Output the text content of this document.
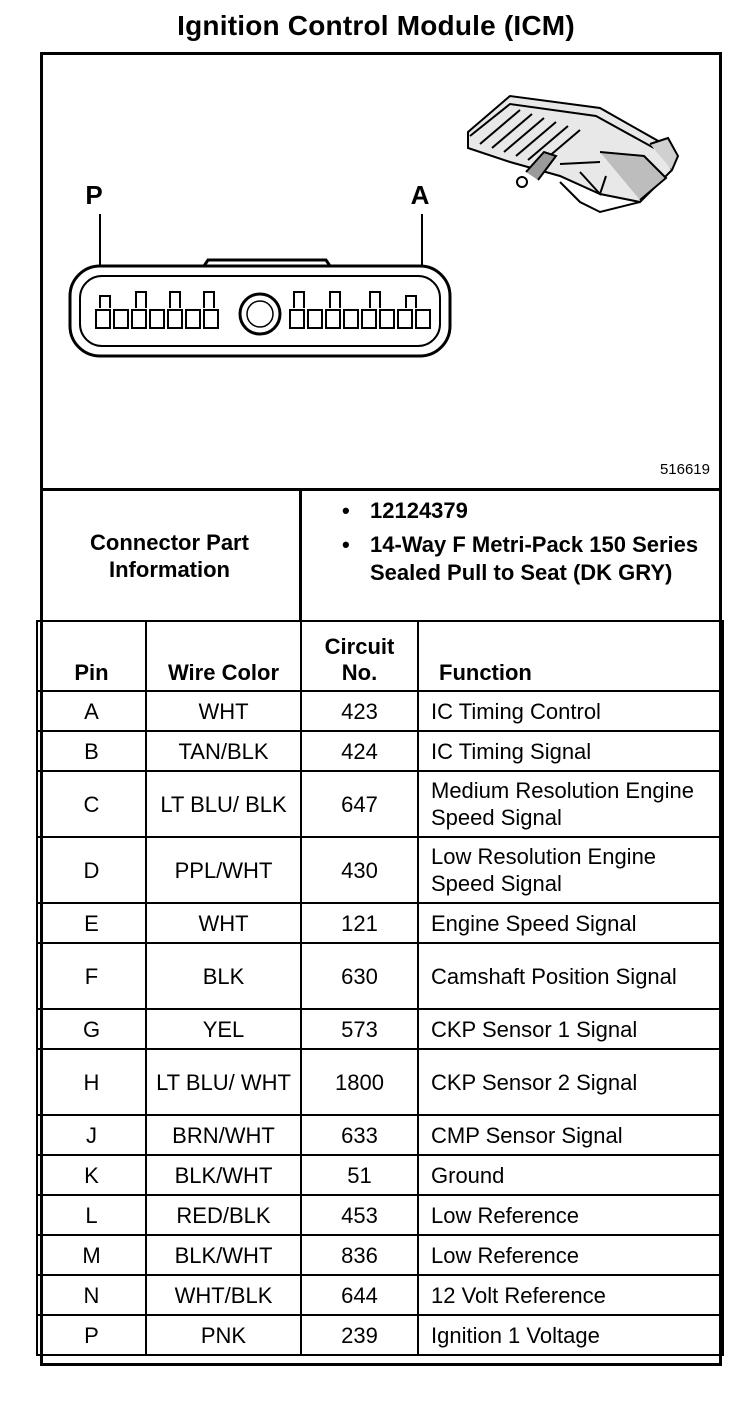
Ignition Control Module (ICM)
P	A
516619
Connector Part Information
• 12124379
• 14-Way F Metri-Pack 150 Series Sealed Pull to Seat (DK GRY)
Pin	Wire Color	Circuit No.	Function
A	WHT	423	IC Timing Control
B	TAN/BLK	424	IC Timing Signal
C	LT BLU/ BLK	647	Medium Resolution Engine Speed Signal
D	PPL/WHT	430	Low Resolution Engine Speed Signal
E	WHT	121	Engine Speed Signal
F	BLK	630	Camshaft Position Signal
G	YEL	573	CKP Sensor 1 Signal
H	LT BLU/ WHT	1800	CKP Sensor 2 Signal
J	BRN/WHT	633	CMP Sensor Signal
K	BLK/WHT	51	Ground
L	RED/BLK	453	Low Reference
M	BLK/WHT	836	Low Reference
N	WHT/BLK	644	12 Volt Reference
P	PNK	239	Ignition 1 Voltage
